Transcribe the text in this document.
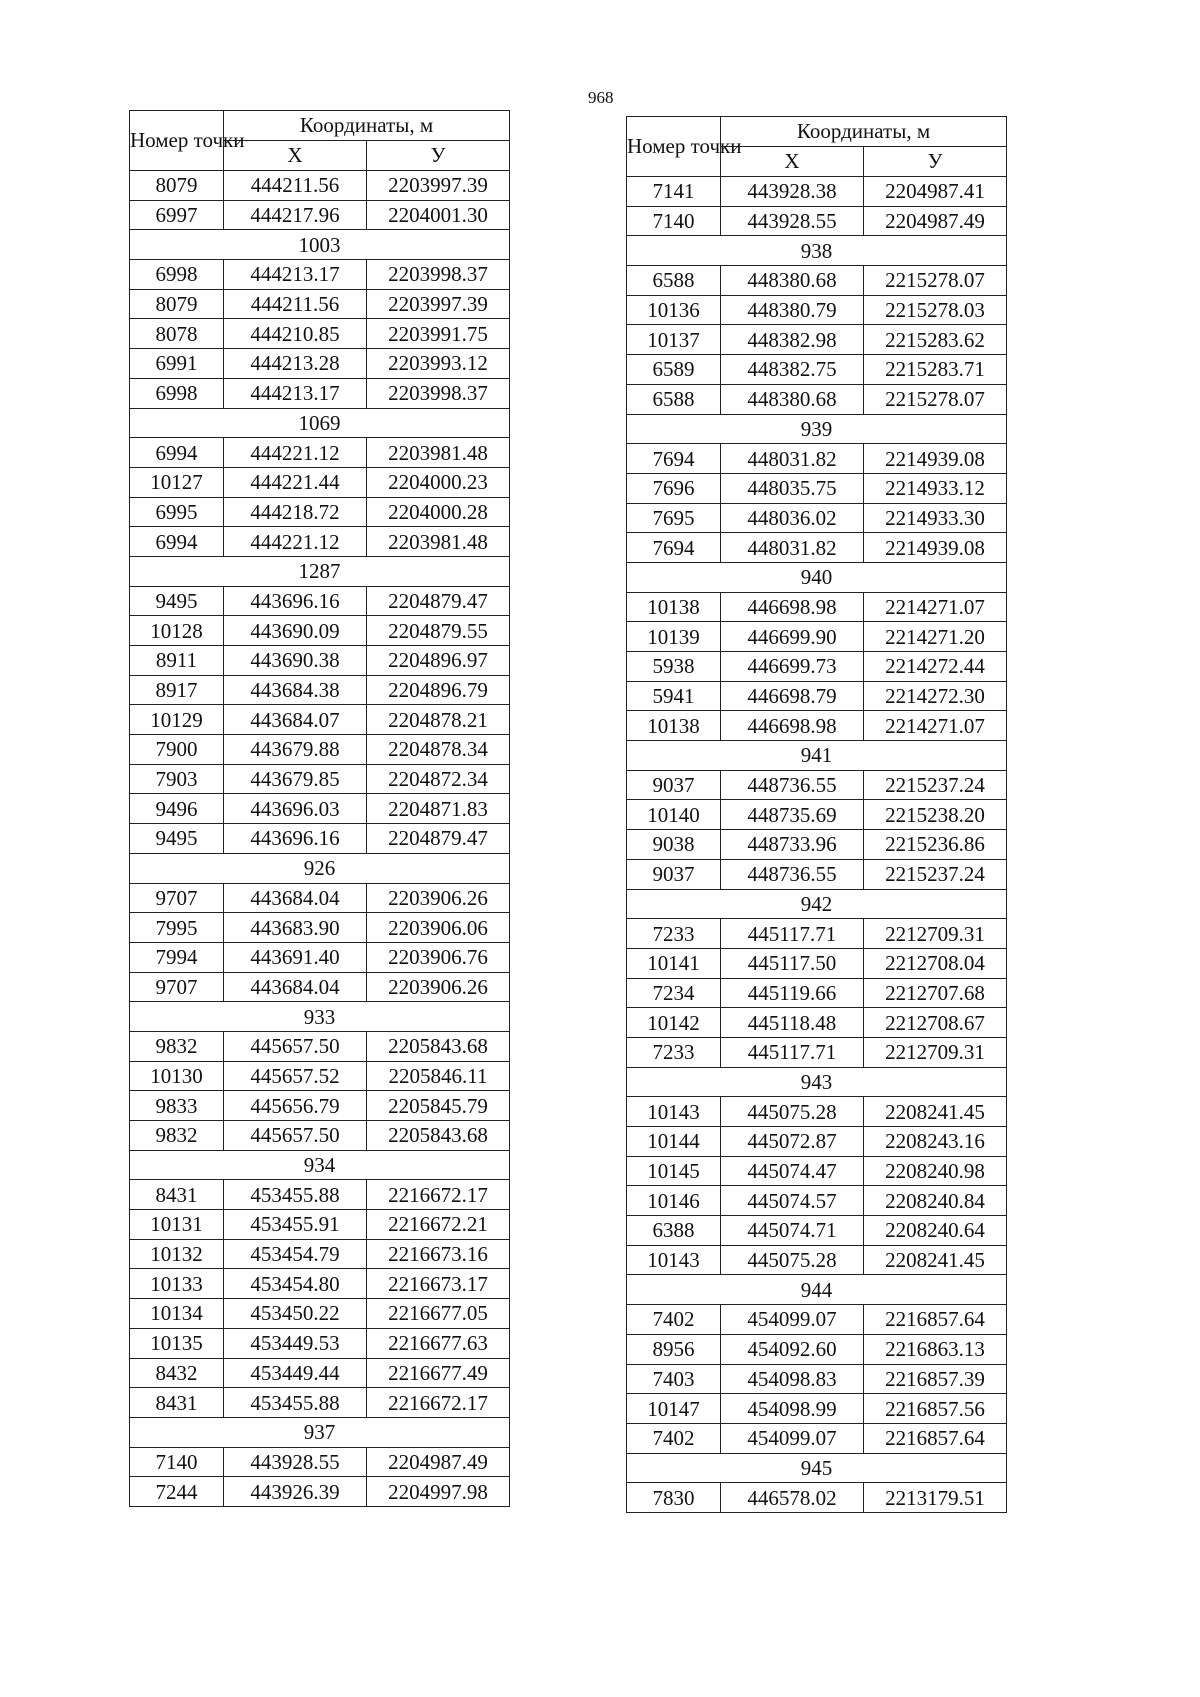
968
Номер точки	Координаты, м	
	X	У
8079	444211.56	2203997.39
6997	444217.96	2204001.30
1003		
6998	444213.17	2203998.37
8079	444211.56	2203997.39
8078	444210.85	2203991.75
6991	444213.28	2203993.12
6998	444213.17	2203998.37
1069		
6994	444221.12	2203981.48
10127	444221.44	2204000.23
6995	444218.72	2204000.28
6994	444221.12	2203981.48
1287		
9495	443696.16	2204879.47
10128	443690.09	2204879.55
8911	443690.38	2204896.97
8917	443684.38	2204896.79
10129	443684.07	2204878.21
7900	443679.88	2204878.34
7903	443679.85	2204872.34
9496	443696.03	2204871.83
9495	443696.16	2204879.47
926		
9707	443684.04	2203906.26
7995	443683.90	2203906.06
7994	443691.40	2203906.76
9707	443684.04	2203906.26
933		
9832	445657.50	2205843.68
10130	445657.52	2205846.11
9833	445656.79	2205845.79
9832	445657.50	2205843.68
934		
8431	453455.88	2216672.17
10131	453455.91	2216672.21
10132	453454.79	2216673.16
10133	453454.80	2216673.17
10134	453450.22	2216677.05
10135	453449.53	2216677.63
8432	453449.44	2216677.49
8431	453455.88	2216672.17
937		
7140	443928.55	2204987.49
7244	443926.39	2204997.98
Номер точки	Координаты, м	
	X	У
7141	443928.38	2204987.41
7140	443928.55	2204987.49
938		
6588	448380.68	2215278.07
10136	448380.79	2215278.03
10137	448382.98	2215283.62
6589	448382.75	2215283.71
6588	448380.68	2215278.07
939		
7694	448031.82	2214939.08
7696	448035.75	2214933.12
7695	448036.02	2214933.30
7694	448031.82	2214939.08
940		
10138	446698.98	2214271.07
10139	446699.90	2214271.20
5938	446699.73	2214272.44
5941	446698.79	2214272.30
10138	446698.98	2214271.07
941		
9037	448736.55	2215237.24
10140	448735.69	2215238.20
9038	448733.96	2215236.86
9037	448736.55	2215237.24
942		
7233	445117.71	2212709.31
10141	445117.50	2212708.04
7234	445119.66	2212707.68
10142	445118.48	2212708.67
7233	445117.71	2212709.31
943		
10143	445075.28	2208241.45
10144	445072.87	2208243.16
10145	445074.47	2208240.98
10146	445074.57	2208240.84
6388	445074.71	2208240.64
10143	445075.28	2208241.45
944		
7402	454099.07	2216857.64
8956	454092.60	2216863.13
7403	454098.83	2216857.39
10147	454098.99	2216857.56
7402	454099.07	2216857.64
945		
7830	446578.02	2213179.51
